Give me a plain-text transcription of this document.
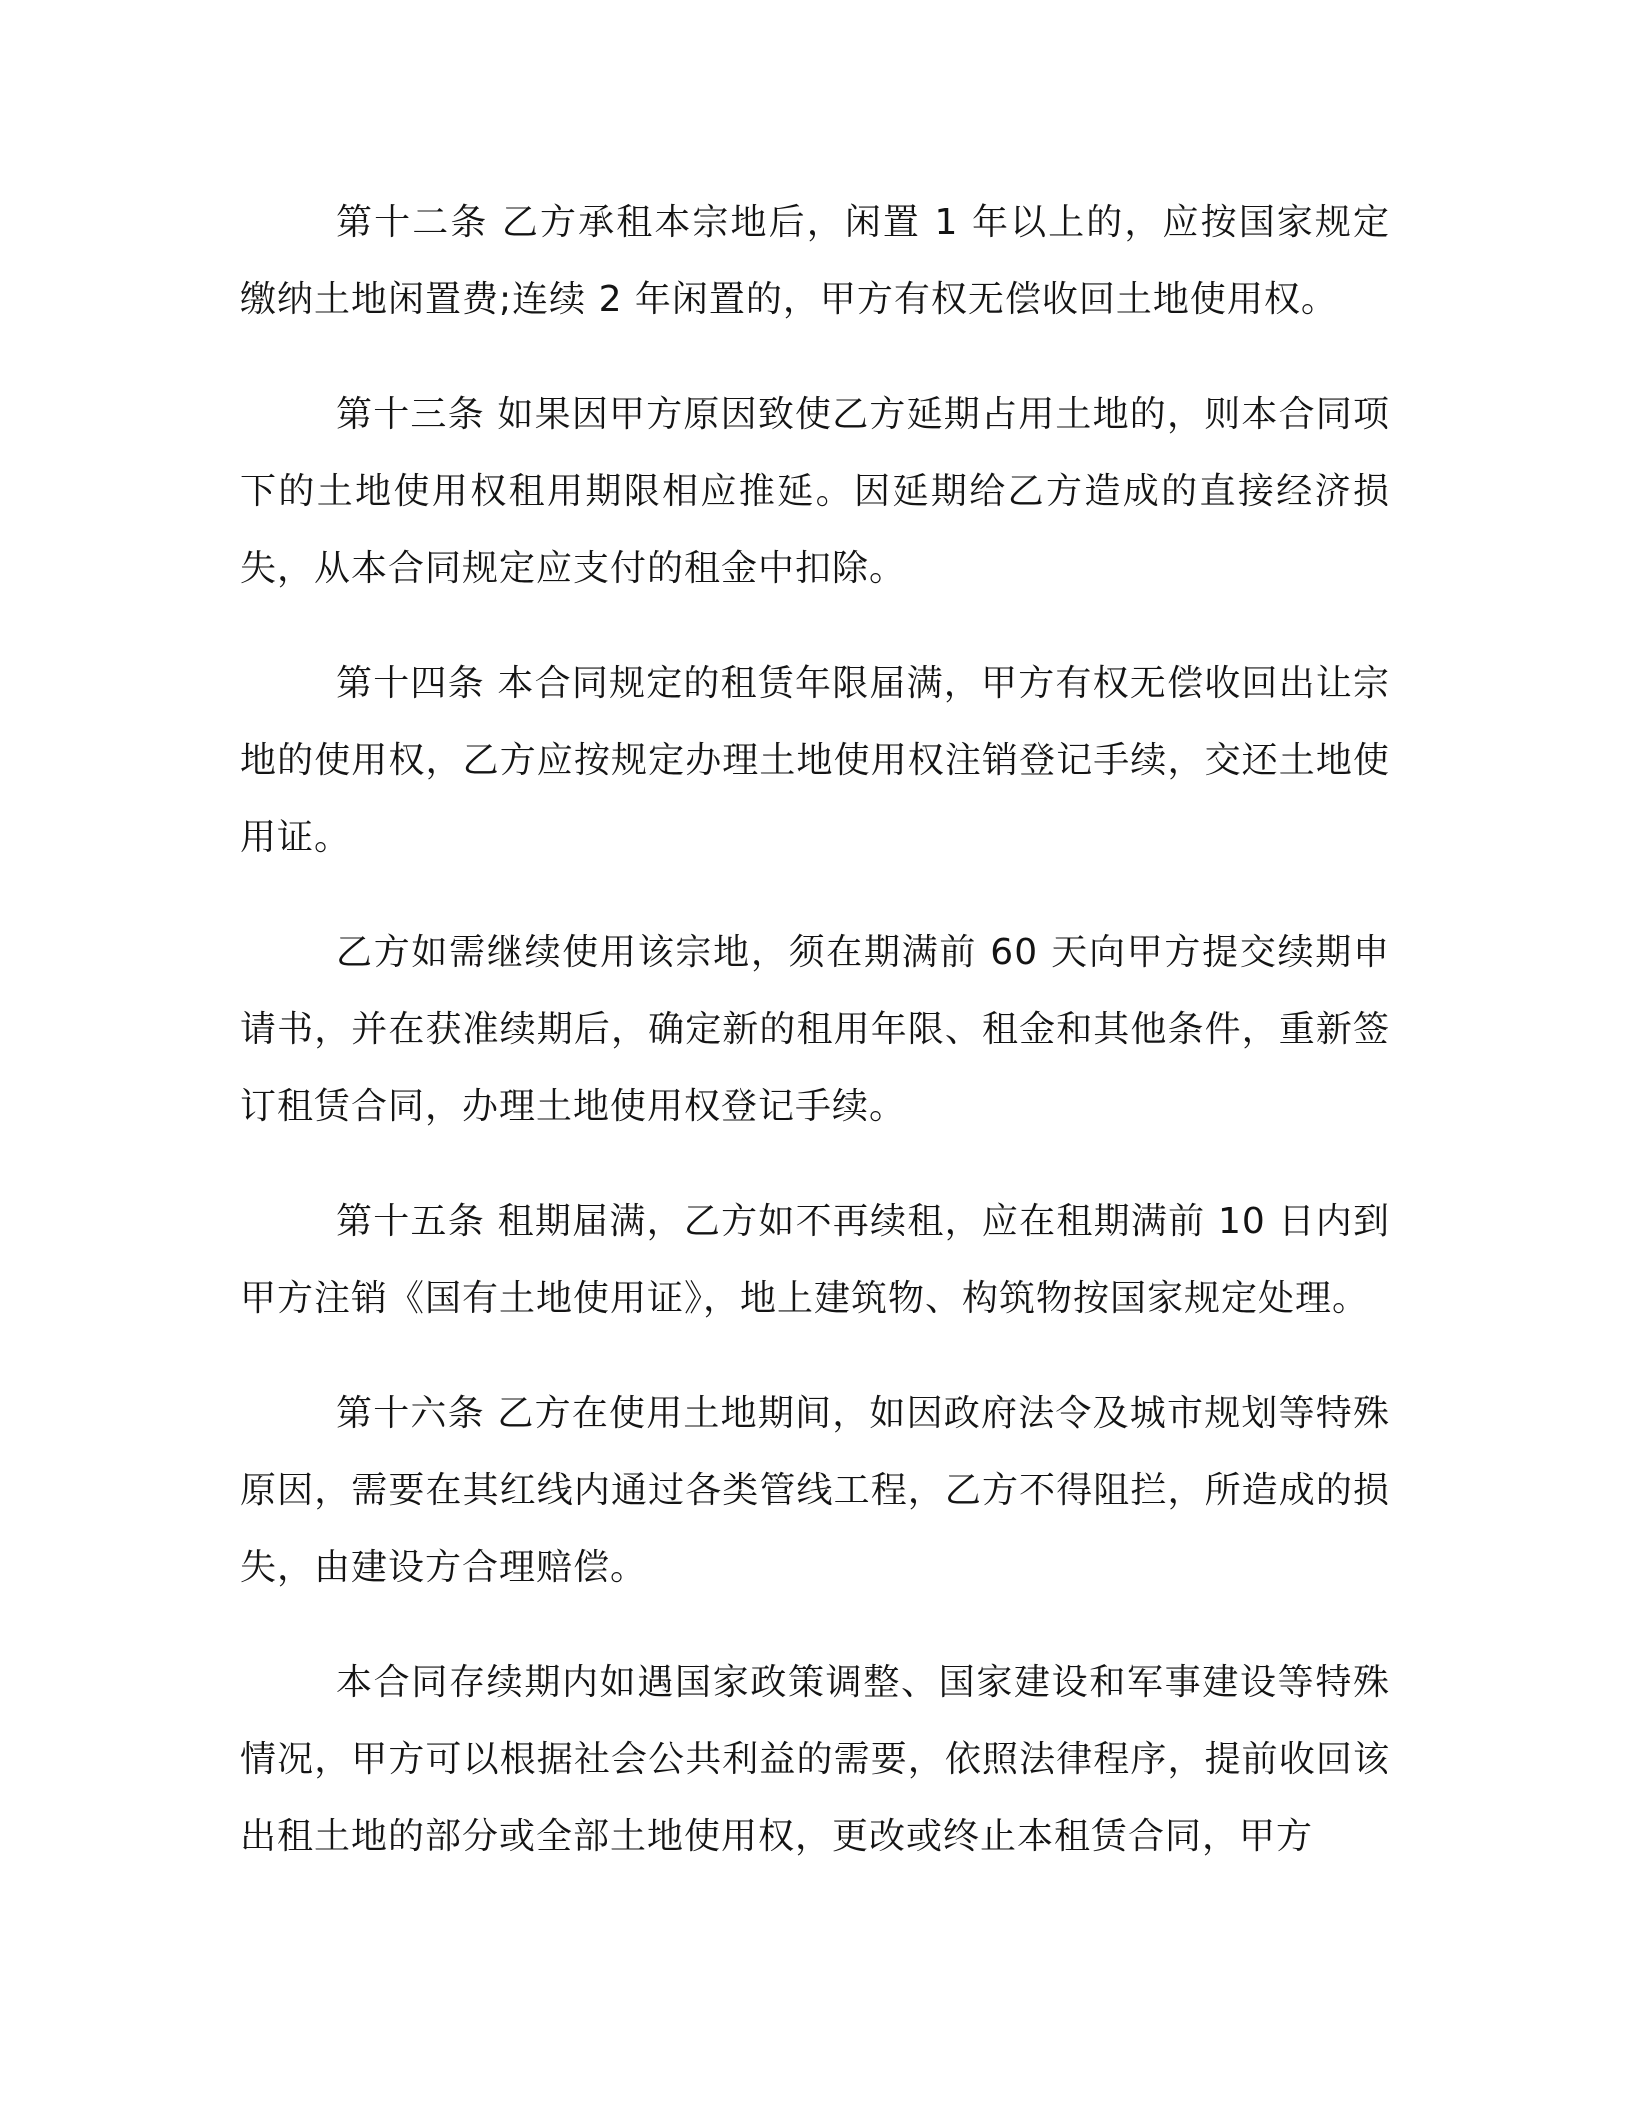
第十二条 乙方承租本宗地后，闲置 1 年以上的，应按国家规定缴纳土地闲置费;连续 2 年闲置的，甲方有权无偿收回土地使用权。

第十三条 如果因甲方原因致使乙方延期占用土地的，则本合同项下的土地使用权租用期限相应推延。因延期给乙方造成的直接经济损失，从本合同规定应支付的租金中扣除。

第十四条 本合同规定的租赁年限届满，甲方有权无偿收回出让宗地的使用权，乙方应按规定办理土地使用权注销登记手续，交还土地使用证。

乙方如需继续使用该宗地，须在期满前 60 天向甲方提交续期申请书，并在获准续期后，确定新的租用年限、租金和其他条件，重新签订租赁合同，办理土地使用权登记手续。

第十五条 租期届满，乙方如不再续租，应在租期满前 10 日内到甲方注销《国有土地使用证》，地上建筑物、构筑物按国家规定处理。

第十六条 乙方在使用土地期间，如因政府法令及城市规划等特殊原因，需要在其红线内通过各类管线工程，乙方不得阻拦，所造成的损失，由建设方合理赔偿。

本合同存续期内如遇国家政策调整、国家建设和军事建设等特殊情况，甲方可以根据社会公共利益的需要，依照法律程序，提前收回该出租土地的部分或全部土地使用权，更改或终止本租赁合同，甲方
